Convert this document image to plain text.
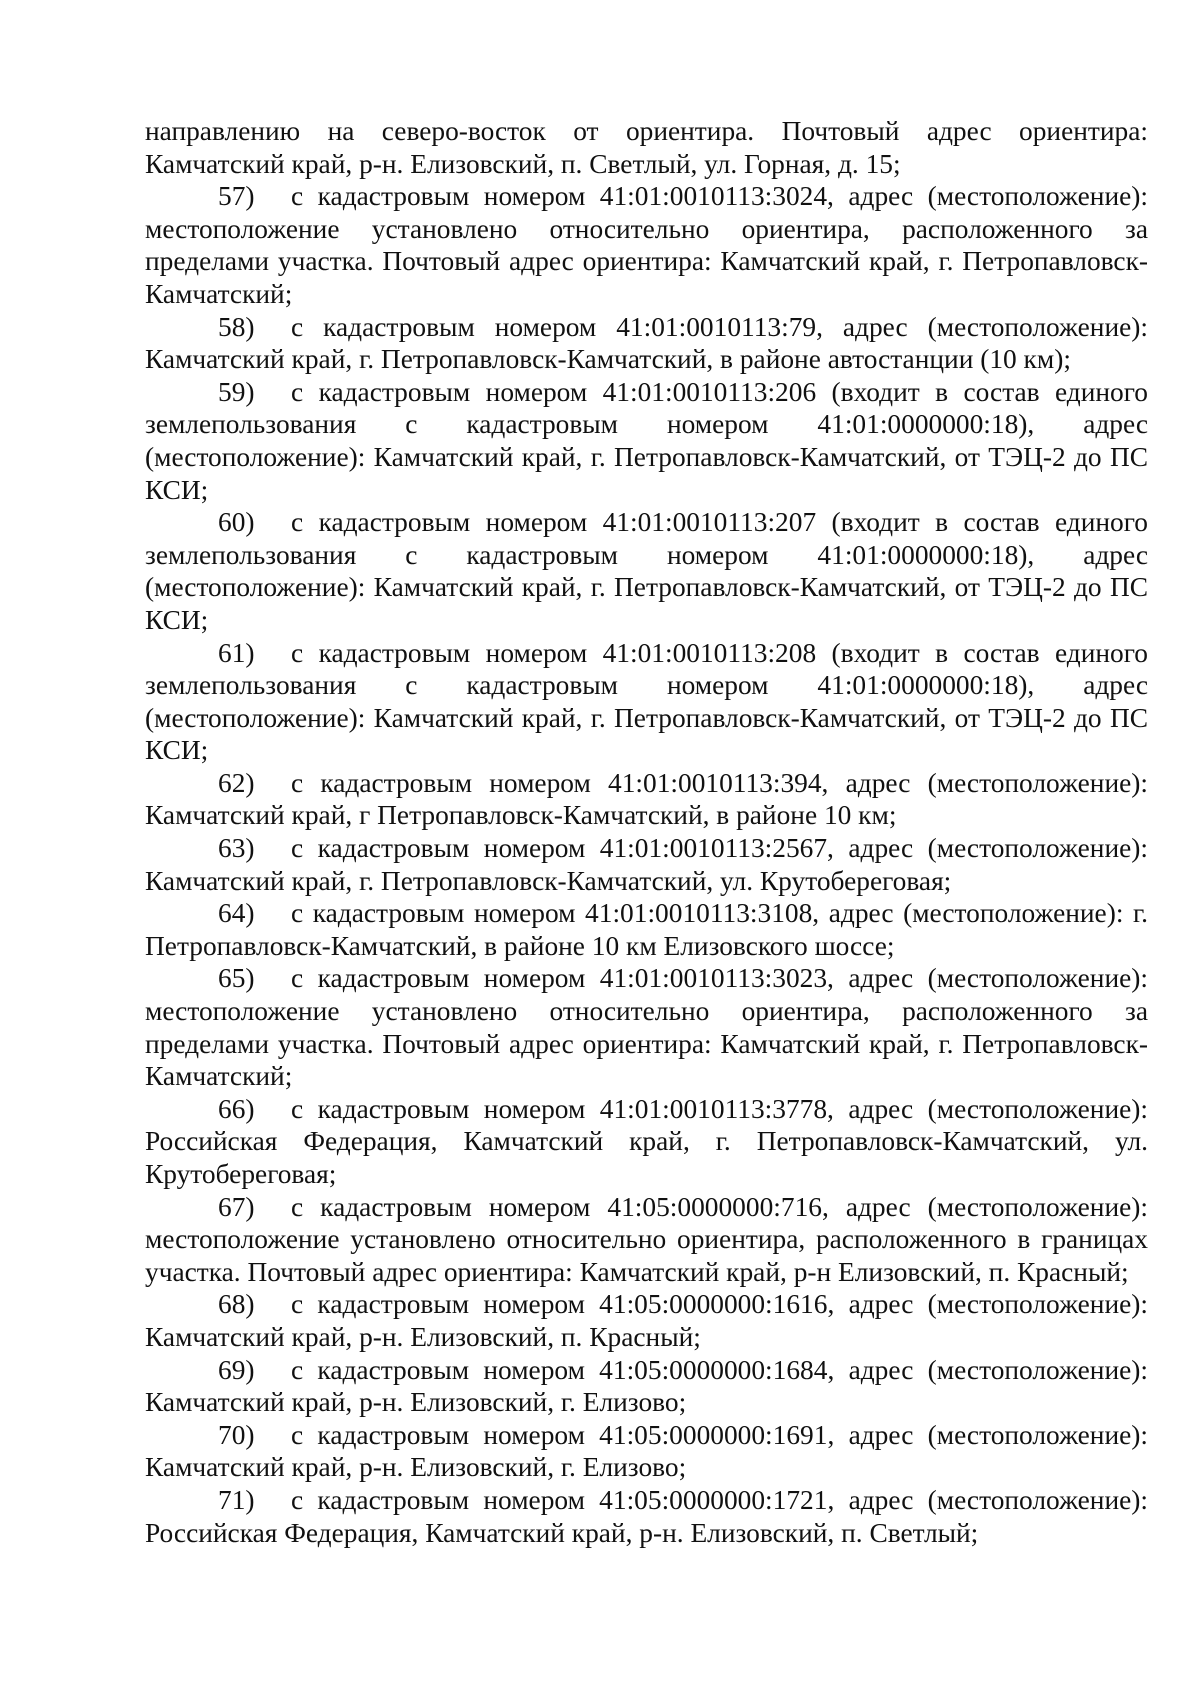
направлению на северо-восток от ориентира. Почтовый адрес ориентира: Камчатский край, р-н. Елизовский, п. Светлый, ул. Горная, д. 15;

57) с кадастровым номером 41:01:0010113:3024, адрес (местоположение): местоположение установлено относительно ориентира, расположенного за пределами участка. Почтовый адрес ориентира: Камчатский край, г. Петропавловск-Камчатский;

58) с кадастровым номером 41:01:0010113:79, адрес (местоположение): Камчатский край, г. Петропавловск-Камчатский, в районе автостанции (10 км);

59) с кадастровым номером 41:01:0010113:206 (входит в состав единого землепользования с кадастровым номером 41:01:0000000:18), адрес (местоположение): Камчатский край, г. Петропавловск-Камчатский, от ТЭЦ-2 до ПС КСИ;

60) с кадастровым номером 41:01:0010113:207 (входит в состав единого землепользования с кадастровым номером 41:01:0000000:18), адрес (местоположение): Камчатский край, г. Петропавловск-Камчатский, от ТЭЦ-2 до ПС КСИ;

61) с кадастровым номером 41:01:0010113:208 (входит в состав единого землепользования с кадастровым номером 41:01:0000000:18), адрес (местоположение): Камчатский край, г. Петропавловск-Камчатский, от ТЭЦ-2 до ПС КСИ;

62) с кадастровым номером 41:01:0010113:394, адрес (местоположение): Камчатский край, г Петропавловск-Камчатский, в районе 10 км;

63) с кадастровым номером 41:01:0010113:2567, адрес (местоположение): Камчатский край, г. Петропавловск-Камчатский, ул. Крутобереговая;

64) с кадастровым номером 41:01:0010113:3108, адрес (местоположение): г. Петропавловск-Камчатский, в районе 10 км Елизовского шоссе;

65) с кадастровым номером 41:01:0010113:3023, адрес (местоположение): местоположение установлено относительно ориентира, расположенного за пределами участка. Почтовый адрес ориентира: Камчатский край, г. Петропавловск-Камчатский;

66) с кадастровым номером 41:01:0010113:3778, адрес (местоположение): Российская Федерация, Камчатский край, г. Петропавловск-Камчатский, ул. Крутобереговая;

67) с кадастровым номером 41:05:0000000:716, адрес (местоположение): местоположение установлено относительно ориентира, расположенного в границах участка. Почтовый адрес ориентира: Камчатский край, р-н Елизовский, п. Красный;

68) с кадастровым номером 41:05:0000000:1616, адрес (местоположение): Камчатский край, р-н. Елизовский, п. Красный;

69) с кадастровым номером 41:05:0000000:1684, адрес (местоположение): Камчатский край, р-н. Елизовский, г. Елизово;

70) с кадастровым номером 41:05:0000000:1691, адрес (местоположение): Камчатский край, р-н. Елизовский, г. Елизово;

71) с кадастровым номером 41:05:0000000:1721, адрес (местоположение): Российская Федерация, Камчатский край, р-н. Елизовский, п. Светлый;
